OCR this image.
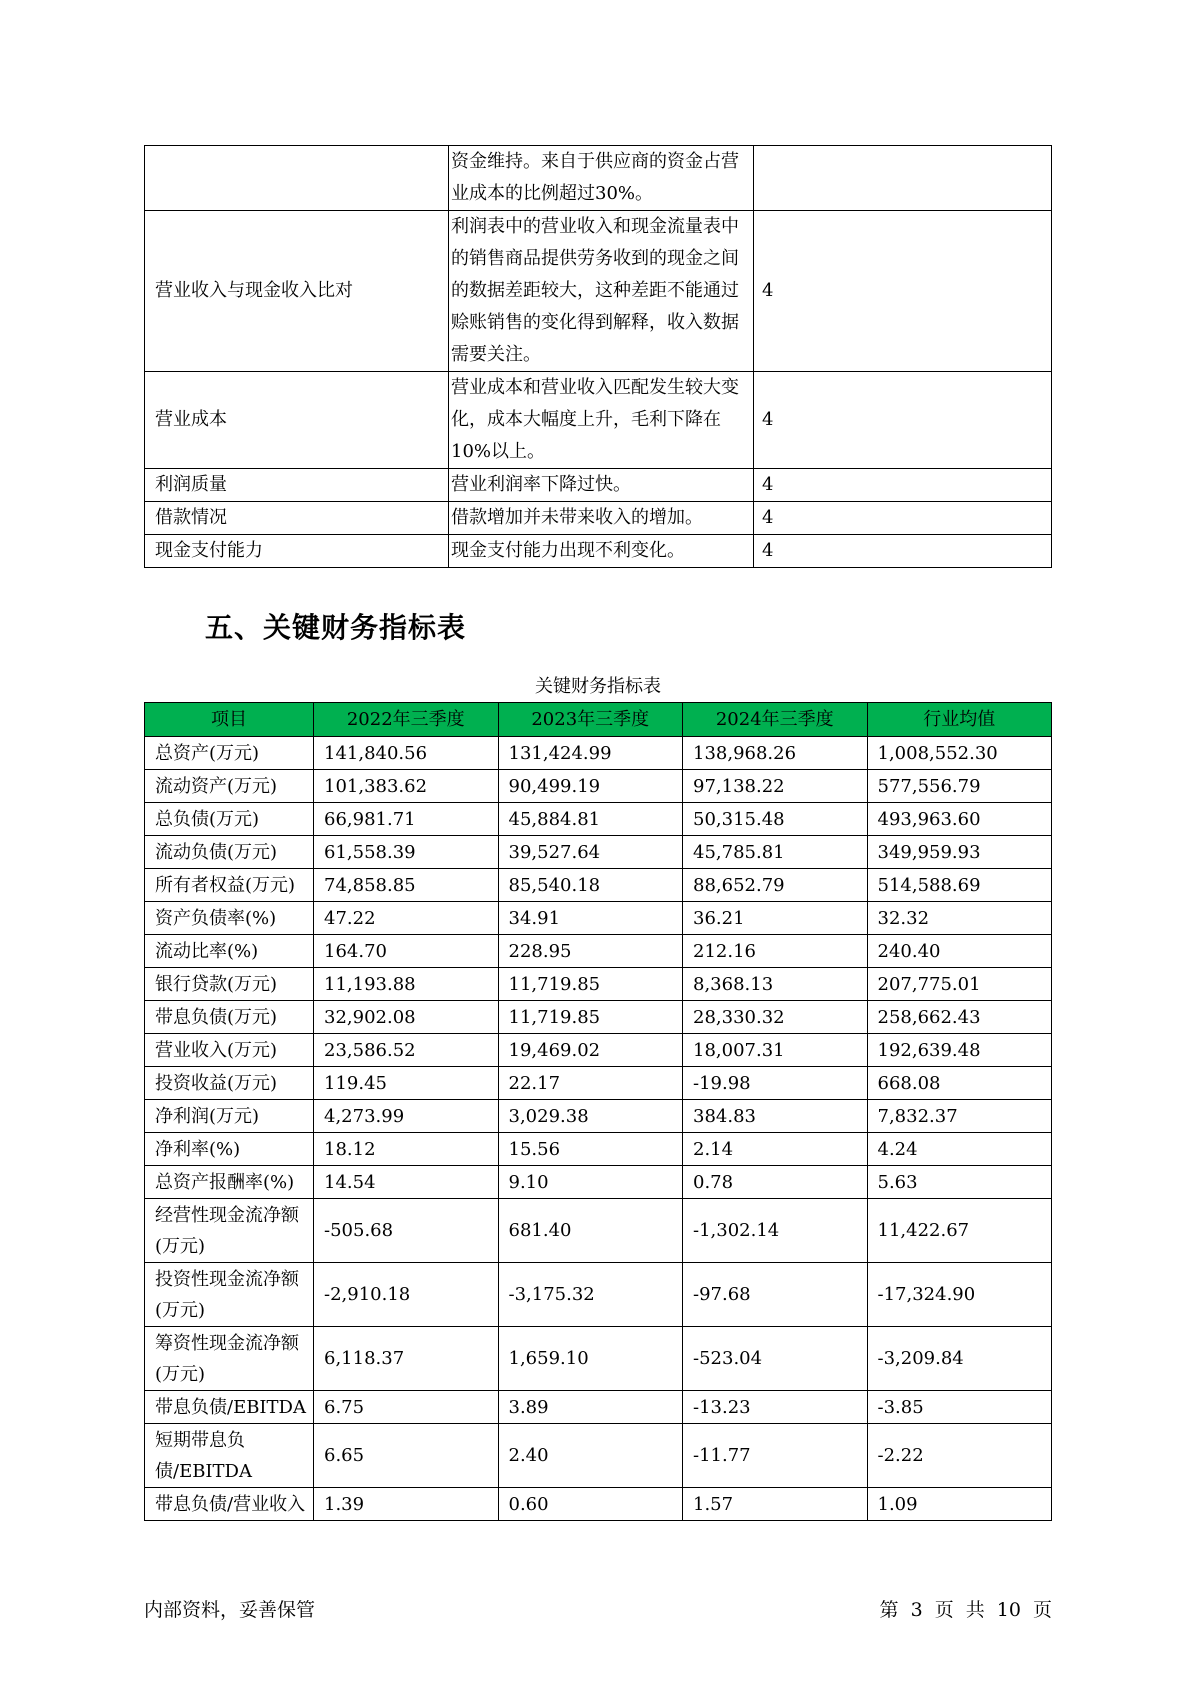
	资金维持。来自于供应商的资金占营业成本的比例超过30%。	
营业收入与现金收入比对	利润表中的营业收入和现金流量表中的销售商品提供劳务收到的现金之间的数据差距较大，这种差距不能通过赊账销售的变化得到解释，收入数据需要关注。	4
营业成本	营业成本和营业收入匹配发生较大变化，成本大幅度上升，毛利下降在10%以上。	4
利润质量	营业利润率下降过快。	4
借款情况	借款增加并未带来收入的增加。	4
现金支付能力	现金支付能力出现不利变化。	4
五、关键财务指标表
关键财务指标表
项目	2022年三季度	2023年三季度	2024年三季度	行业均值
总资产(万元)	141,840.56	131,424.99	138,968.26	1,008,552.30
流动资产(万元)	101,383.62	90,499.19	97,138.22	577,556.79
总负债(万元)	66,981.71	45,884.81	50,315.48	493,963.60
流动负债(万元)	61,558.39	39,527.64	45,785.81	349,959.93
所有者权益(万元)	74,858.85	85,540.18	88,652.79	514,588.69
资产负债率(%)	47.22	34.91	36.21	32.32
流动比率(%)	164.70	228.95	212.16	240.40
银行贷款(万元)	11,193.88	11,719.85	8,368.13	207,775.01
带息负债(万元)	32,902.08	11,719.85	28,330.32	258,662.43
营业收入(万元)	23,586.52	19,469.02	18,007.31	192,639.48
投资收益(万元)	119.45	22.17	-19.98	668.08
净利润(万元)	4,273.99	3,029.38	384.83	7,832.37
净利率(%)	18.12	15.56	2.14	4.24
总资产报酬率(%)	14.54	9.10	0.78	5.63
经营性现金流净额(万元)	-505.68	681.40	-1,302.14	11,422.67
投资性现金流净额(万元)	-2,910.18	-3,175.32	-97.68	-17,324.90
筹资性现金流净额(万元)	6,118.37	1,659.10	-523.04	-3,209.84
带息负债/EBITDA	6.75	3.89	-13.23	-3.85
短期带息负债/EBITDA	6.65	2.40	-11.77	-2.22
带息负债/营业收入	1.39	0.60	1.57	1.09
内部资料，妥善保管	第 3 页 共 10 页
